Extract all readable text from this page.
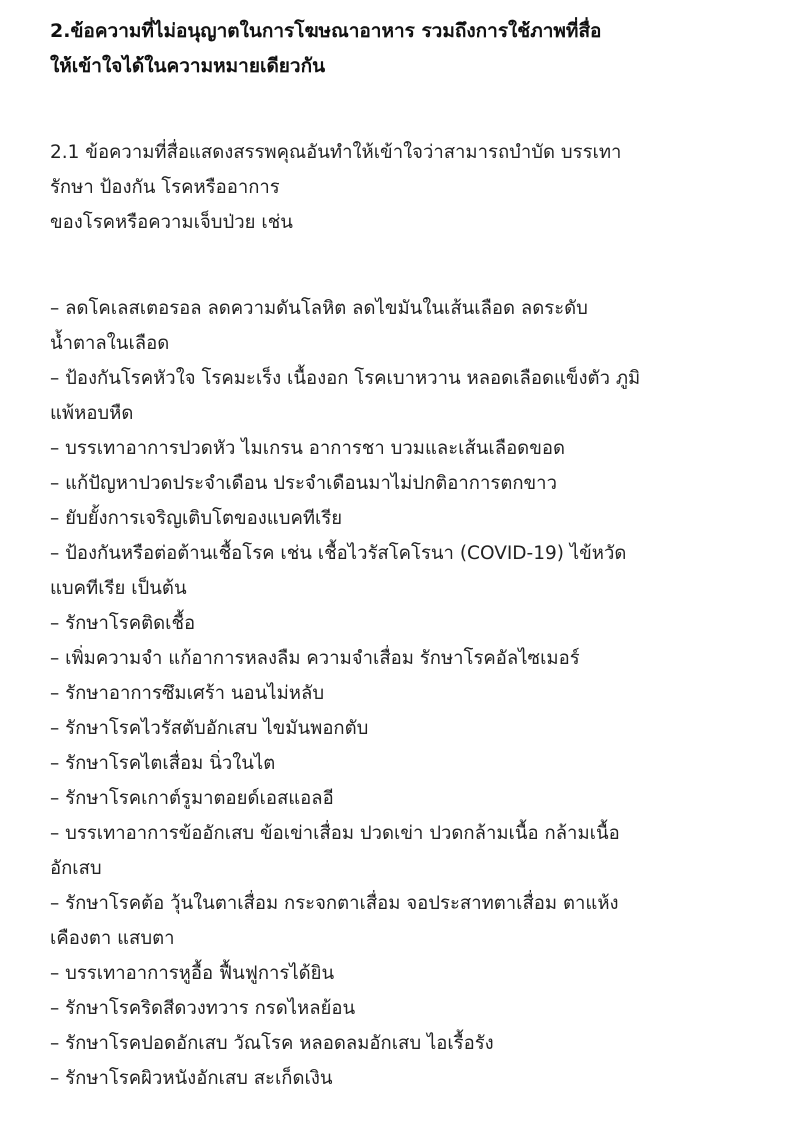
2.ข้อความที่ไม่อนุญาตในการโฆษณาอาหาร รวมถึงการใช้ภาพที่สื่อ
ให้เข้าใจได้ในความหมายเดียวกัน
2.1 ข้อความที่สื่อแสดงสรรพคุณอันทำให้เข้าใจว่าสามารถบำบัด บรรเทา
รักษา ป้องกัน โรคหรืออาการ
ของโรคหรือความเจ็บป่วย เช่น
– ลดโคเลสเตอรอล ลดความดันโลหิต ลดไขมันในเส้นเลือด ลดระดับ
น้ำตาลในเลือด
– ป้องกันโรคหัวใจ โรคมะเร็ง เนื้องอก โรคเบาหวาน หลอดเลือดแข็งตัว ภูมิ
แพ้หอบหืด
– บรรเทาอาการปวดหัว ไมเกรน อาการชา บวมและเส้นเลือดขอด
– แก้ปัญหาปวดประจำเดือน ประจำเดือนมาไม่ปกติอาการตกขาว
– ยับยั้งการเจริญเติบโตของแบคทีเรีย
– ป้องกันหรือต่อต้านเชื้อโรค เช่น เชื้อไวรัสโคโรนา (COVID-19) ไข้หวัด
แบคทีเรีย เป็นต้น
– รักษาโรคติดเชื้อ
– เพิ่มความจำ แก้อาการหลงลืม ความจำเสื่อม รักษาโรคอัลไซเมอร์
– รักษาอาการซึมเศร้า นอนไม่หลับ
– รักษาโรคไวรัสตับอักเสบ ไขมันพอกตับ
– รักษาโรคไตเสื่อม นิ่วในไต
– รักษาโรคเกาต์รูมาตอยด์เอสแอลอี
– บรรเทาอาการข้ออักเสบ ข้อเข่าเสื่อม ปวดเข่า ปวดกล้ามเนื้อ กล้ามเนื้อ
อักเสบ
– รักษาโรคต้อ วุ้นในตาเสื่อม กระจกตาเสื่อม จอประสาทตาเสื่อม ตาแห้ง
เคืองตา แสบตา
– บรรเทาอาการหูอื้อ ฟื้นฟูการได้ยิน
– รักษาโรคริดสีดวงทวาร กรดไหลย้อน
– รักษาโรคปอดอักเสบ วัณโรค หลอดลมอักเสบ ไอเรื้อรัง
– รักษาโรคผิวหนังอักเสบ สะเก็ดเงิน
